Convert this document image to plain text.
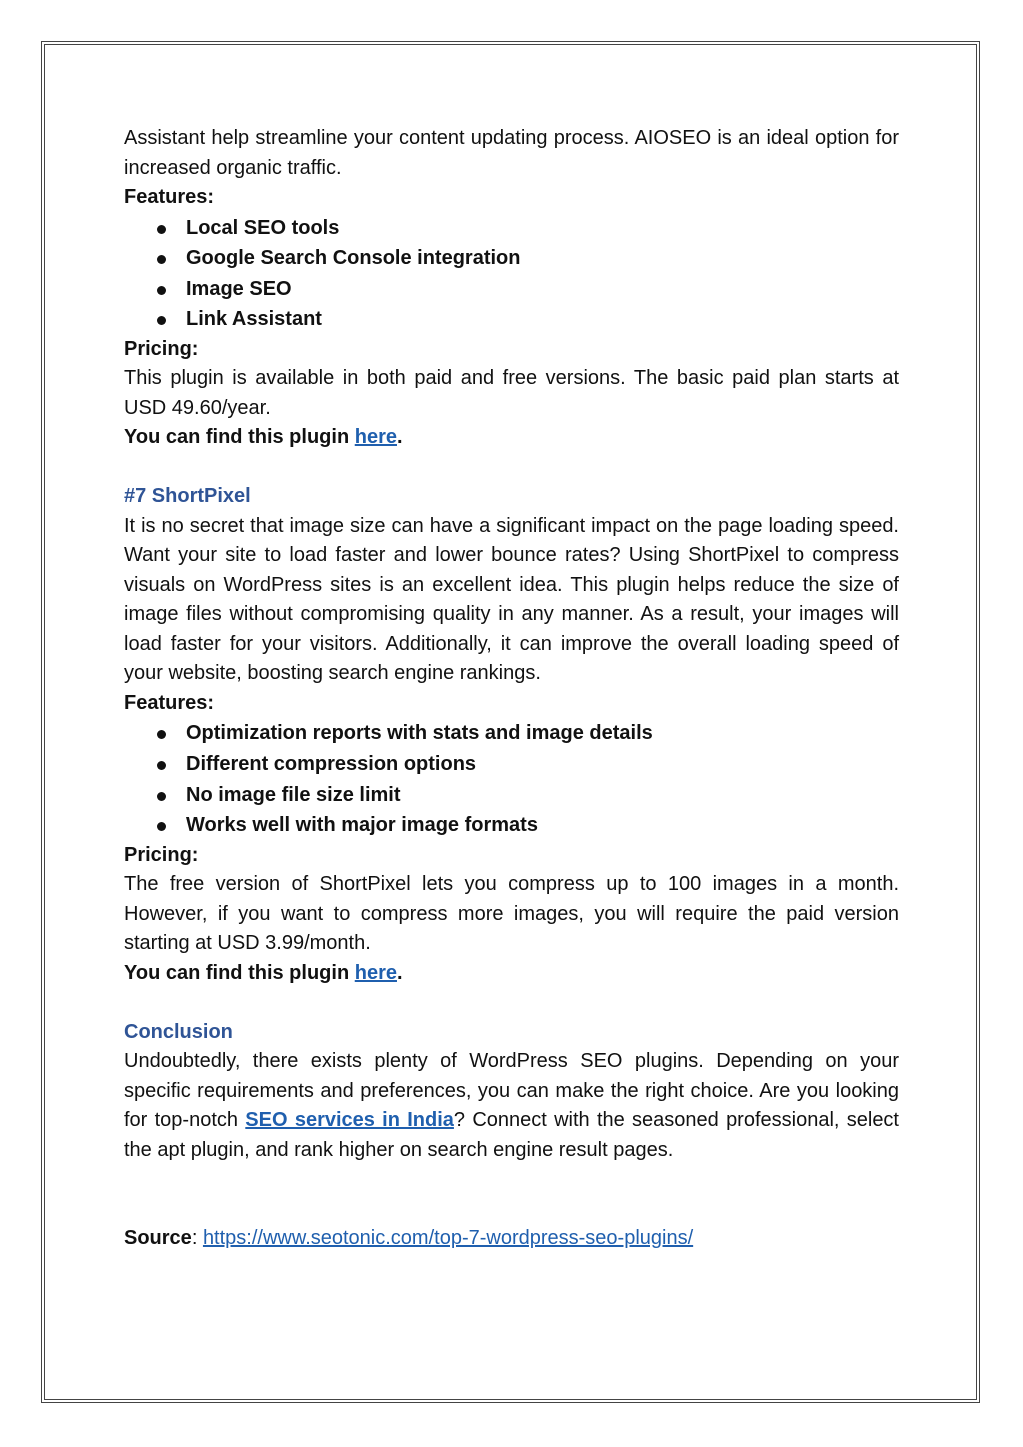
Assistant help streamline your content updating process. AIOSEO is an ideal option for increased organic traffic.

Features:

Local SEO tools
Google Search Console integration
Image SEO
Link Assistant

Pricing:

This plugin is available in both paid and free versions. The basic paid plan starts at USD 49.60/year.

You can find this plugin here.

#7 ShortPixel

It is no secret that image size can have a significant impact on the page loading speed. Want your site to load faster and lower bounce rates? Using ShortPixel to compress visuals on WordPress sites is an excellent idea. This plugin helps reduce the size of image files without compromising quality in any manner. As a result, your images will load faster for your visitors. Additionally, it can improve the overall loading speed of your website, boosting search engine rankings.

Features:

Optimization reports with stats and image details
Different compression options
No image file size limit
Works well with major image formats

Pricing:

The free version of ShortPixel lets you compress up to 100 images in a month. However, if you want to compress more images, you will require the paid version starting at USD 3.99/month.

You can find this plugin here.

Conclusion

Undoubtedly, there exists plenty of WordPress SEO plugins. Depending on your specific requirements and preferences, you can make the right choice. Are you looking for top-notch SEO services in India? Connect with the seasoned professional, select the apt plugin, and rank higher on search engine result pages.

Source: https://www.seotonic.com/top-7-wordpress-seo-plugins/
